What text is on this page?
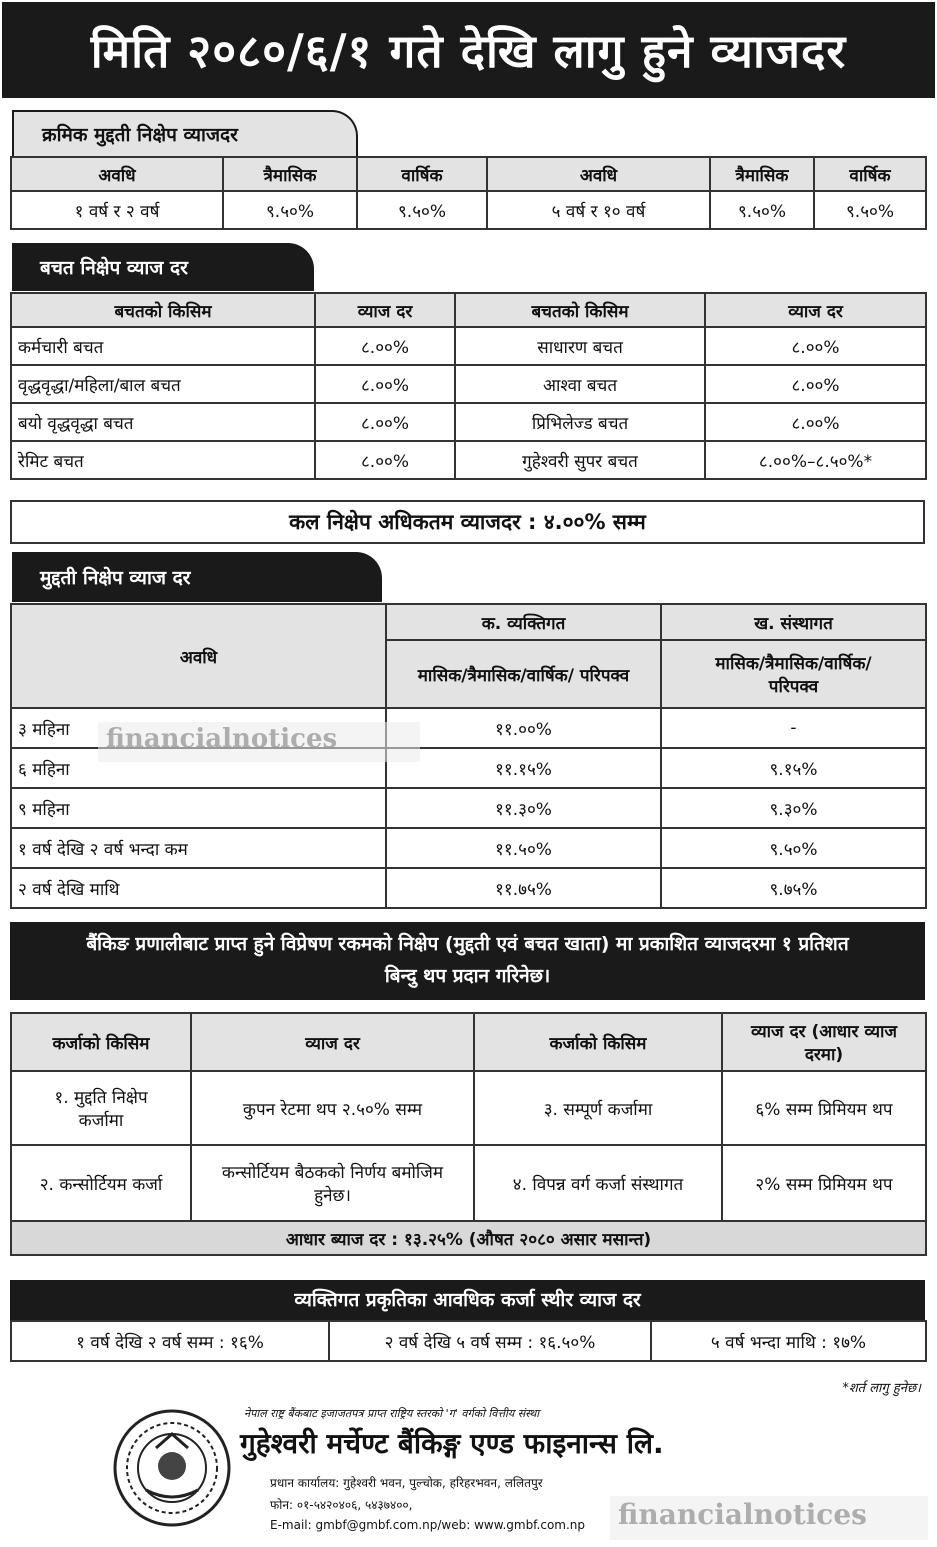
मिति २०८०/६/१ गते देखि लागु हुने व्याजदर
क्रमिक मुद्दती निक्षेप व्याजदर
अवधि	त्रैमासिक	वार्षिक	अवधि	त्रैमासिक	वार्षिक
१ वर्ष र २ वर्ष	९.५०%	९.५०%	५ वर्ष र १० वर्ष	९.५०%	९.५०%
बचत निक्षेप व्याज दर
बचतको किसिम	व्याज दर	बचतको किसिम	व्याज दर
कर्मचारी बचत	८.००%	साधारण बचत	८.००%
वृद्धवृद्धा/महिला/बाल बचत	८.००%	आश्वा बचत	८.००%
बयो वृद्धवृद्धा बचत	८.००%	प्रिभिलेज्ड बचत	८.००%
रेमिट बचत	८.००%	गुहेश्वरी सुपर बचत	८.००%–८.५०%*
कल निक्षेप अधिकतम व्याजदर : ४.००% सम्म
मुद्दती निक्षेप व्याज दर
अवधि	क. व्यक्तिगत	ख. संस्थागत
	मासिक/त्रैमासिक/वार्षिक/ परिपक्व	मासिक/त्रैमासिक/वार्षिक/ परिपक्व
३ महिना	११.००%	-
६ महिना	११.१५%	९.१५%
९ महिना	११.३०%	९.३०%
१ वर्ष देखि २ वर्ष भन्दा कम	११.५०%	९.५०%
२ वर्ष देखि माथि	११.७५%	९.७५%
बैंकिङ प्रणालीबाट प्राप्त हुने विप्रेषण रकमको निक्षेप (मुद्दती एवं बचत खाता) मा प्रकाशित व्याजदरमा १ प्रतिशत बिन्दु थप प्रदान गरिनेछ।
कर्जाको किसिम	व्याज दर	कर्जाको किसिम	व्याज दर (आधार व्याज दरमा)
१. मुद्दति निक्षेप कर्जामा	कुपन रेटमा थप २.५०% सम्म	३. सम्पूर्ण कर्जामा	६% सम्म प्रिमियम थप
२. कन्सोर्टियम कर्जा	कन्सोर्टियम बैठकको निर्णय बमोजिम हुनेछ।	४. विपन्न वर्ग कर्जा संस्थागत	२% सम्म प्रिमियम थप
आधार ब्याज दर : १३.२५% (औषत २०८० असार मसान्त)			
व्यक्तिगत प्रकृतिका आवधिक कर्जा स्थीर व्याज दर
१ वर्ष देखि २ वर्ष सम्म : १६%	२ वर्ष देखि ५ वर्ष सम्म : १६.५०%	५ वर्ष भन्दा माथि : १७%
*शर्त लागु हुनेछ।
नेपाल राष्ट्र बैंकबाट इजाजतपत्र प्राप्त राष्ट्रिय स्तरको 'ग' वर्गको वित्तीय संस्था
गुहेश्वरी मर्चेण्ट बैंकिङ्ग एण्ड फाइनान्स लि.
प्रधान कार्यालय: गुहेश्वरी भवन, पुल्चोक, हरिहरभवन, ललितपुर
फोन: ०१-५४२०४०६, ५४३७४००,
E-mail: gmbf@gmbf.com.np/web: www.gmbf.com.np
financialnotices
financialnotices
